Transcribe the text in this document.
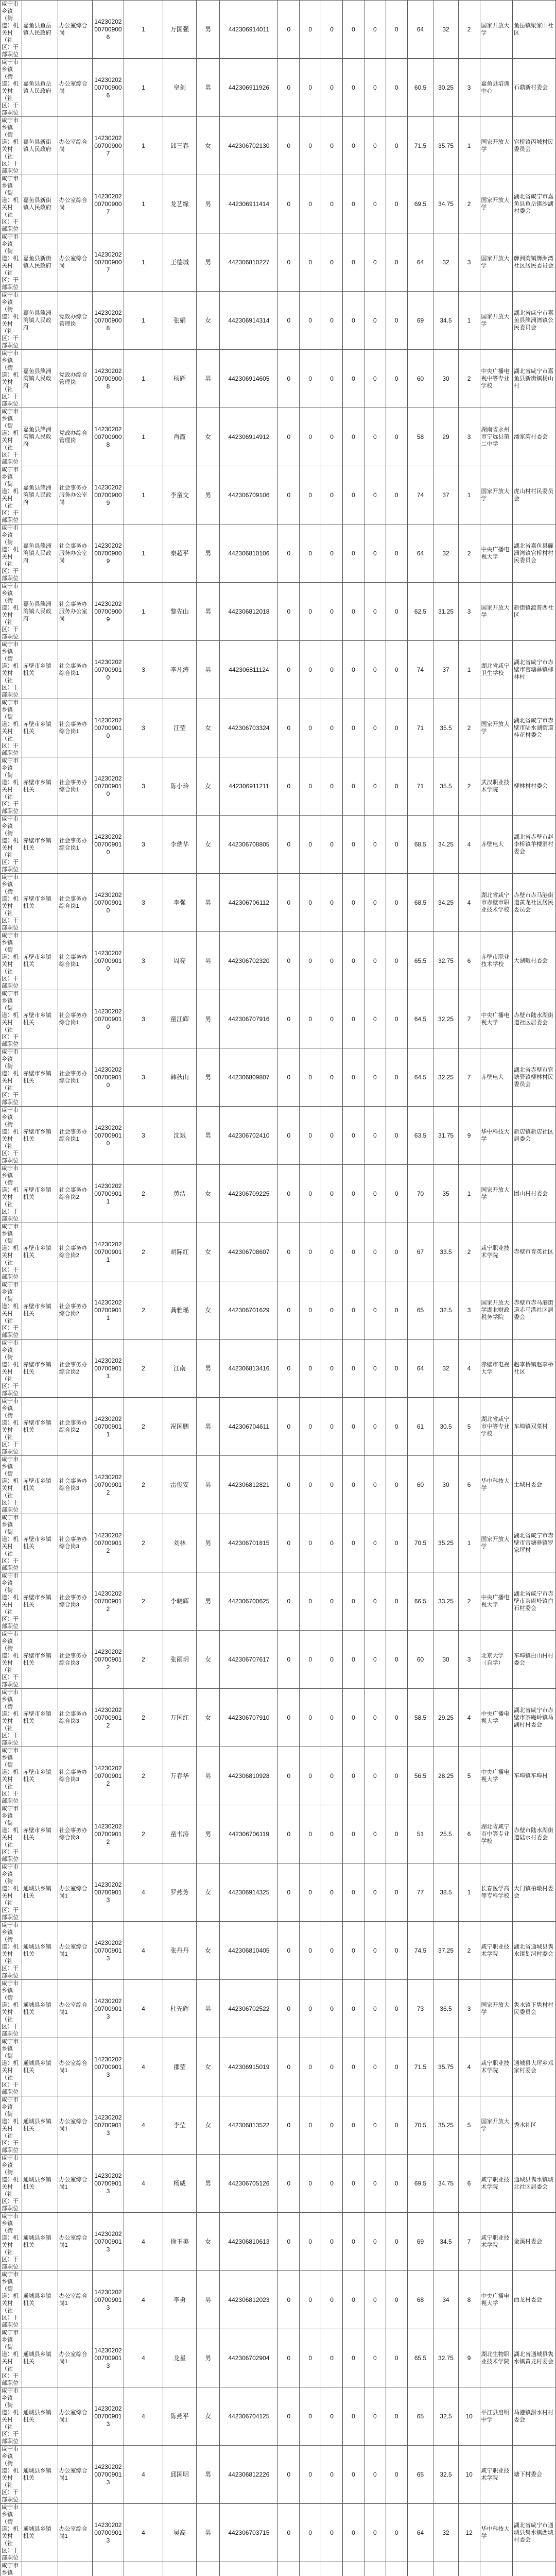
咸宁市乡镇（街道）机关村（社区）干部职位	嘉鱼县鱼岳镇人民政府	办公室综合岗	14230202007009006	1	万国强	男	442306914011	0	0	0	0	0	0	64	32	2	国家开放大学	鱼岳镇梁家山社区
咸宁市乡镇（街道）机关村（社区）干部职位	嘉鱼县鱼岳镇人民政府	办公室综合岗	14230202007009006	1	皇剑	男	442306911926	0	0	0	0	0	0	60.5	30.25	3	嘉鱼县培训中心	石鼎新村委会
咸宁市乡镇（街道）机关村（社区）干部职位	嘉鱼县新街镇人民政府	办公室综合岗	14230202007009007	1	邱三春	女	442306702130	0	0	0	0	0	0	71.5	35.75	1	国家开放大学	官桥镇丙城村民委员会
咸宁市乡镇（街道）机关村（社区）干部职位	嘉鱼县新街镇人民政府	办公室综合岗	14230202007009007	1	龙艺缘	男	442306911414	0	0	0	0	0	0	69.5	34.75	2	国家开放大学	湖北省咸宁市嘉鱼县鱼岳镇沙湖村委会
咸宁市乡镇（街道）机关村（社区）干部职位	嘉鱼县新街镇人民政府	办公室综合岗	14230202007009007	1	王德城	男	442306810227	0	0	0	0	0	0	64	32	3	国家开放大学	簰洲湾镇簰洲湾社区居民委员会
咸宁市乡镇（街道）机关村（社区）干部职位	嘉鱼县簰洲湾镇人民政府	党政办综合管理岗	14230202007009008	1	张娟	女	442306914314	0	0	0	0	0	0	69	34.5	1	国家开放大学	湖北省咸宁市嘉鱼县簰洲湾镇公民委员会
咸宁市乡镇（街道）机关村（社区）干部职位	嘉鱼县簰洲湾镇人民政府	党政办综合管理岗	14230202007009008	1	杨辉	男	442306914605	0	0	0	0	0	0	60	30	2	中央广播电视中等专业学校	湖北省咸宁市嘉鱼县新街镇杨山村
咸宁市乡镇（街道）机关村（社区）干部职位	嘉鱼县簰洲湾镇人民政府	党政办综合管理岗	14230202007009008	1	肖霞	女	442306914912	0	0	0	0	0	0	58	29	3	湖南省永州市宁远县第二中学	潘家湾村委会
咸宁市乡镇（街道）机关村（社区）干部职位	嘉鱼县簰洲湾镇人民政府	社会事务办服务办公室岗	14230202007009009	1	李童文	男	442306709106	0	0	0	0	0	0	74	37	1	国家开放大学	虎山村村民委员会
咸宁市乡镇（街道）机关村（社区）干部职位	嘉鱼县簰洲湾镇人民政府	社会事务办服务办公室岗	14230202007009009	1	秦超平	男	442306810106	0	0	0	0	0	0	64	32	2	中央广播电视大学	湖北省嘉鱼县簰洲湾镇官桥村村民委员会
咸宁市乡镇（街道）机关村（社区）干部职位	嘉鱼县簰洲湾镇人民政府	社会事务办服务办公室岗	14230202007009009	1	黎先山	男	442306812018	0	0	0	0	0	0	62.5	31.25	3	国家开放大学	新街镇渡普西社区
咸宁市乡镇（街道）机关村（社区）干部职位	赤壁市乡镇机关	社会事务办综合岗1	14230202007009010	3	李凡涛	男	442306811124	0	0	0	0	0	0	74	37	1	湖北省咸宁卫生学校	湖北省咸宁市赤壁市官塘驿镇柳林村
咸宁市乡镇（街道）机关村（社区）干部职位	赤壁市乡镇机关	社会事务办综合岗1	14230202007009010	3	江莹	女	442306703324	0	0	0	0	0	0	71	35.5	2	国家开放大学	湖北省咸宁市赤壁市陆水湖街道桂花村委会
咸宁市乡镇（街道）机关村（社区）干部职位	赤壁市乡镇机关	社会事务办综合岗1	14230202007009010	3	陈小玲	女	442306911211	0	0	0	0	0	0	71	35.5	2	武汉职业技术学院	柳林村村委会
咸宁市乡镇（街道）机关村（社区）干部职位	赤壁市乡镇机关	社会事务办综合岗1	14230202007009010	3	李瑞华	女	442306708805	0	0	0	0	0	0	68.5	34.25	4	赤壁电大	湖北省赤壁市赵李桥镇羊楼洞村委会
咸宁市乡镇（街道）机关村（社区）干部职位	赤壁市乡镇机关	社会事务办综合岗1	14230202007009010	3	李强	男	442306706112	0	0	0	0	0	0	68.5	34.25	4	湖北省咸宁市赤壁市职业技术学校	赤壁市赤马港街道黄龙社区居民委员会
咸宁市乡镇（街道）机关村（社区）干部职位	赤壁市乡镇机关	社会事务办综合岗1	14230202007009010	3	周亮	男	442306702320	0	0	0	0	0	0	65.5	32.75	6	赤壁市职业技术学校	大湖畈村委会
咸宁市乡镇（街道）机关村（社区）干部职位	赤壁市乡镇机关	社会事务办综合岗1	14230202007009010	3	童江辉	男	442306707916	0	0	0	0	0	0	64.5	32.25	7	中央广播电视大学	赤壁市陆水湖街道社区居委会
咸宁市乡镇（街道）机关村（社区）干部职位	赤壁市乡镇机关	社会事务办综合岗1	14230202007009010	3	韩秋山	男	442306809807	0	0	0	0	0	0	64.5	32.25	7	赤壁电大	湖北省赤壁市官塘驿镇柳林村民委员会
咸宁市乡镇（街道）机关村（社区）干部职位	赤壁市乡镇机关	社会事务办综合岗1	14230202007009010	3	沈斌	男	442306702410	0	0	0	0	0	0	63.5	31.75	9	华中科技大学	新店镇新店社区居委会
咸宁市乡镇（街道）机关村（社区）干部职位	赤壁市乡镇机关	社会事务办综合岗2	14230202007009011	2	黄洁	女	442306709225	0	0	0	0	0	0	70	35	1	国家开放大学	团山村村委会
咸宁市乡镇（街道）机关村（社区）干部职位	赤壁市乡镇机关	社会事务办综合岗2	14230202007009011	2	胡际红	女	442306708607	0	0	0	0	0	0	67	33.5	2	咸宁职业技术学院	赤壁市育英社区
咸宁市乡镇（街道）机关村（社区）干部职位	赤壁市乡镇机关	社会事务办综合岗2	14230202007009011	2	龚雅瑶	女	442306701629	0	0	0	0	0	0	65	32.5	3	国家开放大学湖北财政税务学院	赤壁市赤马港街道赤马港社区居委会
咸宁市乡镇（街道）机关村（社区）干部职位	赤壁市乡镇机关	社会事务办综合岗2	14230202007009011	2	江南	男	442306813416	0	0	0	0	0	0	64	32	4	赤壁市电视大学	赵李桥镇赵李桥社区
咸宁市乡镇（街道）机关村（社区）干部职位	赤壁市乡镇机关	社会事务办综合岗2	14230202007009011	2	祝国鹏	男	442306704611	0	0	0	0	0	0	61	30.5	5	湖北省咸宁市中等专业学校	车埠镇双菜村
咸宁市乡镇（街道）机关村（社区）干部职位	赤壁市乡镇机关	社会事务办综合岗3	14230202007009012	2	雷俊安	男	442306812821	0	0	0	0	0	0	60	30	6	华中科技大学	土城村委会
咸宁市乡镇（街道）机关村（社区）干部职位	赤壁市乡镇机关	社会事务办综合岗3	14230202007009012	2	刘林	男	442306701815	0	0	0	0	0	0	70.5	35.25	1	国家开放大学	湖北省咸宁市赤壁市官塘驿镇罗家坪村
咸宁市乡镇（街道）机关村（社区）干部职位	赤壁市乡镇机关	社会事务办综合岗3	14230202007009012	2	李晓辉	男	442306700625	0	0	0	0	0	0	66.5	33.25	2	中央广播电视大学	湖北省咸宁市赤壁市茶庵岭镇白石村委会
咸宁市乡镇（街道）机关村（社区）干部职位	赤壁市乡镇机关	社会事务办综合岗3	14230202007009012	2	张丽玥	女	442306707617	0	0	0	0	0	0	60	30	3	北京大学（自学）	车埠镇白山村村委会
咸宁市乡镇（街道）机关村（社区）干部职位	赤壁市乡镇机关	社会事务办综合岗3	14230202007009012	2	万国红	女	442306707910	0	0	0	0	0	0	58.5	29.25	4	中央广播电视大学	湖北省咸宁市赤壁市茶庵岭镇马湖村村委会
咸宁市乡镇（街道）机关村（社区）干部职位	赤壁市乡镇机关	社会事务办综合岗3	14230202007009012	2	万春华	男	442306810928	0	0	0	0	0	0	56.5	28.25	5	中央广播电视大学	车埠镇车埠村
咸宁市乡镇（街道）机关村（社区）干部职位	赤壁市乡镇机关	社会事务办综合岗3	14230202007009012	2	童书涛	男	442306706119	0	0	0	0	0	0	51	25.5	6	湖北省咸宁市中等专业学校	赤壁市陆水湖街道陆水村委会
咸宁市乡镇（街道）机关村（社区）干部职位	通城县乡镇机关	办公室综合岗1	14230202007009013	4	罗燕芳	女	442306914325	0	0	0	0	0	0	77	38.5	1	长春医学高等专科学校	大门镇柏墩村委会
咸宁市乡镇（街道）机关村（社区）干部职位	通城县乡镇机关	办公室综合岗1	14230202007009013	4	张丹丹	女	442306810405	0	0	0	0	0	0	74.5	37.25	2	咸宁职业技术学院	湖北省通城县隽水镇划河村委会
咸宁市乡镇（街道）机关村（社区）干部职位	通城县乡镇机关	办公室综合岗1	14230202007009013	4	杜先辉	男	442306702522	0	0	0	0	0	0	73	36.5	3	国家开放大学	隽水镇下隽村村民委员会
咸宁市乡镇（街道）机关村（社区）干部职位	通城县乡镇机关	办公室综合岗1	14230202007009013	4	郡莹	女	442306915019	0	0	0	0	0	0	71.5	35.75	4	咸宁职业技术学院	通城县大坪乡邓家村委会
咸宁市乡镇（街道）机关村（社区）干部职位	通城县乡镇机关	办公室综合岗1	14230202007009013	4	李莹	女	442306813522	0	0	0	0	0	0	70.5	35.25	5	国家开放大学	秀水社区
咸宁市乡镇（街道）机关村（社区）干部职位	通城县乡镇机关	办公室综合岗1	14230202007009013	4	杨威	男	442306705126	0	0	0	0	0	0	69.5	34.75	6	咸宁职业技术学院	通城县隽水镇城北社区居委会
咸宁市乡镇（街道）机关村（社区）干部职位	通城县乡镇机关	办公室综合岗1	14230202007009013	4	徐玉美	女	442306810613	0	0	0	0	0	0	69	34.5	7	咸宁职业技术学院	金溪村委会
咸宁市乡镇（街道）机关村（社区）干部职位	通城县乡镇机关	办公室综合岗1	14230202007009013	4	李勇	男	442306812023	0	0	0	0	0	0	68	34	8	中央广播电视大学	西龙村委会
咸宁市乡镇（街道）机关村（社区）干部职位	通城县乡镇机关	办公室综合岗1	14230202007009013	4	龙星	男	442306702904	0	0	0	0	0	0	65.5	32.75	9	湖北生物职业技术学院	湖北省通城县隽水镇黄龙村委会
咸宁市乡镇（街道）机关村（社区）干部职位	通城县乡镇机关	办公室综合岗1	14230202007009013	4	陈燕平	女	442306704125	0	0	0	0	0	0	65	32.5	10	平江县启明中学	马港镇甜水村村委会
咸宁市乡镇（街道）机关村（社区）干部职位	通城县乡镇机关	办公室综合岗1	14230202007009013	4	邱国明	男	442306812226	0	0	0	0	0	0	65	32.5	10	咸宁职业技术学院	塘下村委会
咸宁市乡镇（街道）机关村（社区）干部职位	通城县乡镇机关	办公室综合岗1	14230202007009013	4	吴高	男	442306703715	0	0	0	0	0	0	64	32	12	华中科技大学	湖北省咸宁市通城县隽水镇西城村委会
咸宁市乡镇																		
